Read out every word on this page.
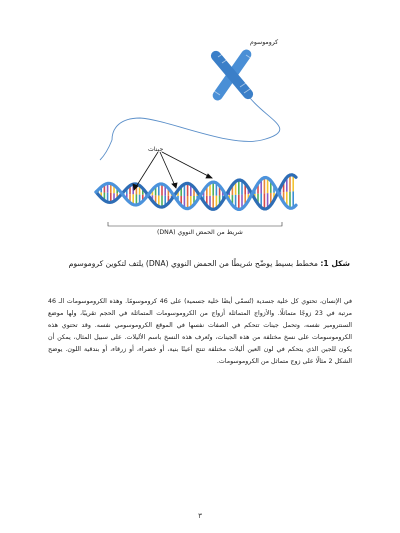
كروموسوم
جينات
شريط من الحمض النووي (DNA)
شكل 1: مخطط بسيط يوضّح شريطًا من الحمض النووي (DNA) يلتف لتكوين كروموسوم
في الإنسان، تحتوي كل خلية جسدية (تُسمّى أيضًا خلية جسمية) على 46 كروموسومًا. وهذه الكروموسومات الـ 46 مرتبة في 23 زوجًا متماثلًا. والأزواج المتماثلة أزواج من الكروموسومات المتماثلة في الحجم تقريبًا، ولها موضع السنترومير نفسه، وتحمل جينات تتحكم في الصفات نفسها في الموقع الكروموسومي نفسه. وقد تحتوي هذه الكروموسومات على نسخ مختلفة من هذه الجينات، وتُعرف هذه النسخ باسم الأليلات. على سبيل المثال، يمكن أن يكون للجين الذي يتحكم في لون العين أليلات مختلفة تنتج أعينًا بنية، أو خضراء، أو زرقاء، أو بندقية اللون. يوضح الشكل 2 مثالًا على زوج متماثل من الكروموسومات.
٣
